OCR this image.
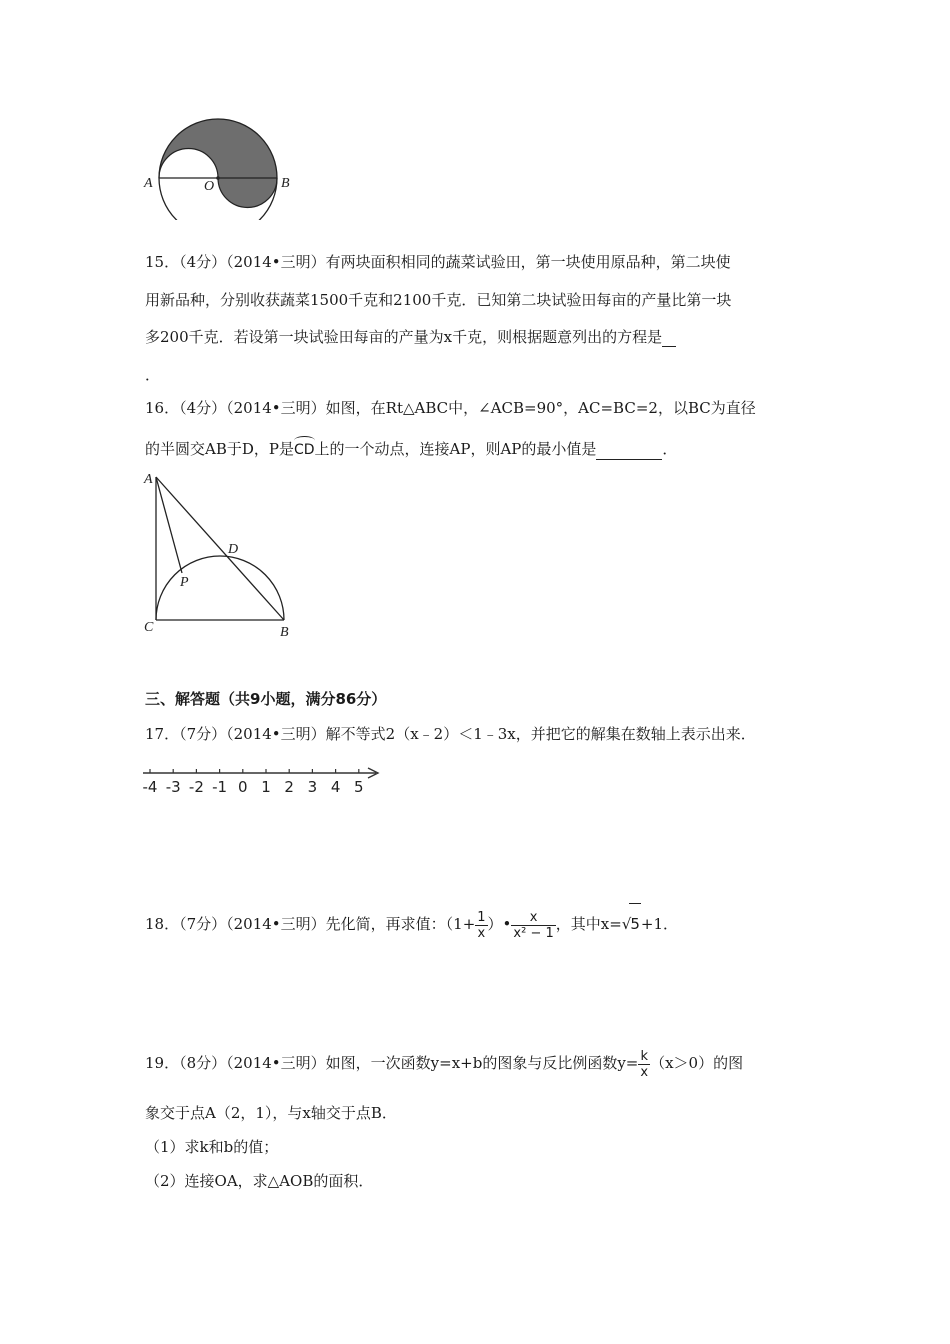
A	O	B
15．（4分）（2014•三明）有两块面积相同的蔬菜试验田，第一块使用原品种，第二块使
用新品种，分别收获蔬菜1500千克和2100千克．已知第二块试验田每亩的产量比第一块
多200千克．若设第一块试验田每亩的产量为x千克，则根据题意列出的方程是
．
16．（4分）（2014•三明）如图，在Rt△ABC中，∠ACB=90°，AC=BC=2，以BC为直径
的半圆交AB于D，P是CD上的一个动点，连接AP，则AP的最小值是	．
A
D
P
C	B
三、解答题（共9小题，满分86分）
17．（7分）（2014•三明）解不等式2（x﹣2）＜1﹣3x，并把它的解集在数轴上表示出来．
-4 -3 -2 -1 0 1 2 3 4 5
18．（7分）（2014•三明）先化简，再求值：（$1+ \frac{1}{x}$ ）• $\frac{x}{\text{x² − 1}}$ ，其中x=√5+1．
19．（8分）（2014•三明）如图，一次函数y=x+b的图象与反比例函数$y= \frac{k}{x} (x>0)$的图
象交于点A（2，1），与x轴交于点B．
（1）求k和b的值；
（2）连接OA，求△AOB的面积．
